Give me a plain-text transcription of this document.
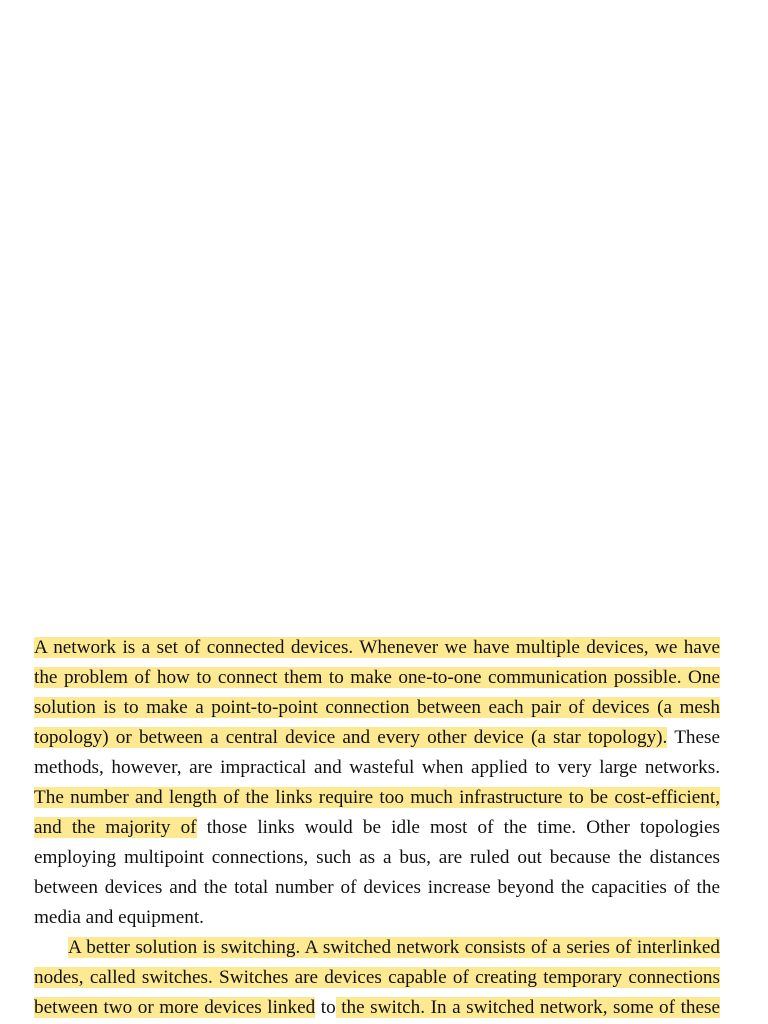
A network is a set of connected devices. Whenever we have multiple devices, we have
the problem of how to connect them to make one-to-one communication possible. One
solution is to make a point-to-point connection between each pair of devices (a mesh
topology) or between a central device and every other device (a star topology). These
methods, however, are impractical and wasteful when applied to very large networks.
The number and length of the links require too much infrastructure to be cost-efficient,
and the majority of those links would be idle most of the time. Other topologies
employing multipoint connections, such as a bus, are ruled out because the distances
between devices and the total number of devices increase beyond the capacities of the
media and equipment.
A better solution is switching. A switched network consists of a series of interlinked
nodes, called switches. Switches are devices capable of creating temporary connections
between two or more devices linked to the switch. In a switched network, some of these
